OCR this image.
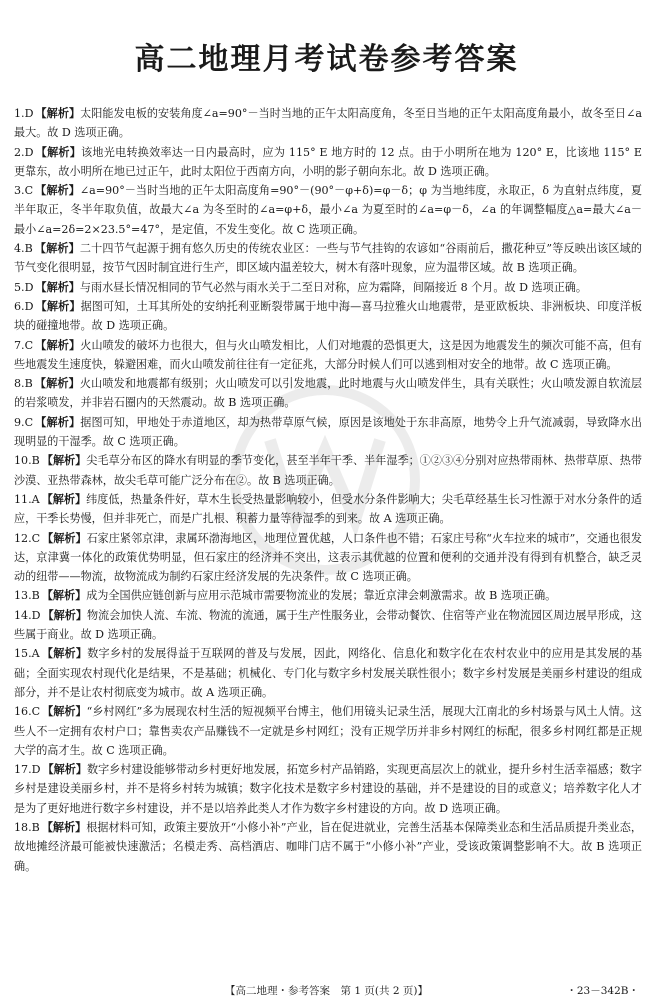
高二地理月考试卷参考答案

1.D 【解析】太阳能发电板的安装角度∠a=90°－当时当地的正午太阳高度角，冬至日当地的正午太阳高度角最小，故冬至日∠a 最大。故 D 选项正确。

2.D 【解析】该地光电转换效率达一日内最高时，应为 115° E 地方时的 12 点。由于小明所在地为 120° E，比该地 115° E 更靠东，故小明所在地已过正午，此时太阳位于西南方向，小明的影子朝向东北。故 D 选项正确。

3.C 【解析】∠a=90°－当时当地的正午太阳高度角=90°－(90°－φ+δ)=φ－δ；φ 为当地纬度，永取正，δ 为直射点纬度，夏半年取正，冬半年取负值，故最大∠a 为冬至时的∠a=φ+δ，最小∠a 为夏至时的∠a=φ－δ，∠a 的年调整幅度△a=最大∠a－最小∠a=2δ=2×23.5°=47°，是定值，不发生变化。故 C 选项正确。

4.B 【解析】二十四节气起源于拥有悠久历史的传统农业区：一些与节气挂钩的农谚如“谷雨前后，撒花种豆”等反映出该区域的节气变化很明显，按节气因时制宜进行生产，即区域内温差较大，树木有落叶现象，应为温带区域。故 B 选项正确。

5.D 【解析】与雨水昼长情况相同的节气必然与雨水关于二至日对称，应为霜降，间隔接近 8 个月。故 D 选项正确。

6.D 【解析】据图可知，土耳其所处的安纳托利亚断裂带属于地中海—喜马拉雅火山地震带，是亚欧板块、非洲板块、印度洋板块的碰撞地带。故 D 选项正确。

7.C 【解析】火山喷发的破坏力也很大，但与火山喷发相比，人们对地震的恐惧更大，这是因为地震发生的频次可能不高，但有些地震发生速度快，躲避困难，而火山喷发前往往有一定征兆，大部分时候人们可以逃到相对安全的地带。故 C 选项正确。

8.B 【解析】火山喷发和地震都有级别；火山喷发可以引发地震，此时地震与火山喷发伴生，具有关联性；火山喷发源自软流层的岩浆喷发，并非岩石圈内的天然震动。故 B 选项正确。

9.C 【解析】据图可知，甲地处于赤道地区，却为热带草原气候，原因是该地处于东非高原，地势令上升气流减弱，导致降水出现明显的干湿季。故 C 选项正确。

10.B 【解析】尖毛草分布区的降水有明显的季节变化，甚至半年干季、半年湿季；①②③④分别对应热带雨林、热带草原、热带沙漠、亚热带森林，故尖毛草可能广泛分布在②。故 B 选项正确。

11.A 【解析】纬度低，热量条件好，草木生长受热量影响较小，但受水分条件影响大；尖毛草经基生长习性源于对水分条件的适应，干季长势慢，但并非死亡，而是广扎根、积蓄力量等待湿季的到来。故 A 选项正确。

12.C 【解析】石家庄紧邻京津，隶属环渤海地区，地理位置优越，人口条件也不错；石家庄号称“火车拉来的城市”，交通也很发达，京津冀一体化的政策优势明显，但石家庄的经济并不突出，这表示其优越的位置和便利的交通并没有得到有机整合，缺乏灵动的纽带——物流，故物流成为制约石家庄经济发展的先决条件。故 C 选项正确。

13.B 【解析】成为全国供应链创新与应用示范城市需要物流业的发展；靠近京津会刺激需求。故 B 选项正确。

14.D 【解析】物流会加快人流、车流、物流的流通，属于生产性服务业，会带动餐饮、住宿等产业在物流园区周边展早形成，这些属于商业。故 D 选项正确。

15.A 【解析】数字乡村的发展得益于互联网的普及与发展，因此，网络化、信息化和数字化在农村农业中的应用是其发展的基础；全面实现农村现代化是结果，不是基础；机械化、专门化与数字乡村发展关联性很小；数字乡村发展是美丽乡村建设的组成部分，并不是让农村彻底变为城市。故 A 选项正确。

16.C 【解析】“乡村网红”多为展现农村生活的短视频平台博主，他们用镜头记录生活，展现大江南北的乡村场景与风土人情。这些人不一定拥有农村户口；靠售卖农产品赚钱不一定就是乡村网红；没有正规学历并非乡村网红的标配，很多乡村网红都是正规大学的高才生。故 C 选项正确。

17.D 【解析】数字乡村建设能够带动乡村更好地发展，拓宽乡村产品销路，实现更高层次上的就业，提升乡村生活幸福感；数字乡村是建设美丽乡村，并不是将乡村转为城镇；数字化技术是数字乡村建设的基础，并不是建设的目的或意义；培养数字化人才是为了更好地进行数字乡村建设，并不是以培养此类人才作为数字乡村建设的方向。故 D 选项正确。

18.B 【解析】根据材料可知，政策主要放开“小修小补”产业，旨在促进就业，完善生活基本保障类业态和生活品质提升类业态，故地摊经济最可能被快速激活；名模走秀、高档酒店、咖啡门店不属于“小修小补”产业，受该政策调整影响不大。故 B 选项正确。

【高二地理・参考答案　第 1 页(共 2 页)】	・23－342B・
